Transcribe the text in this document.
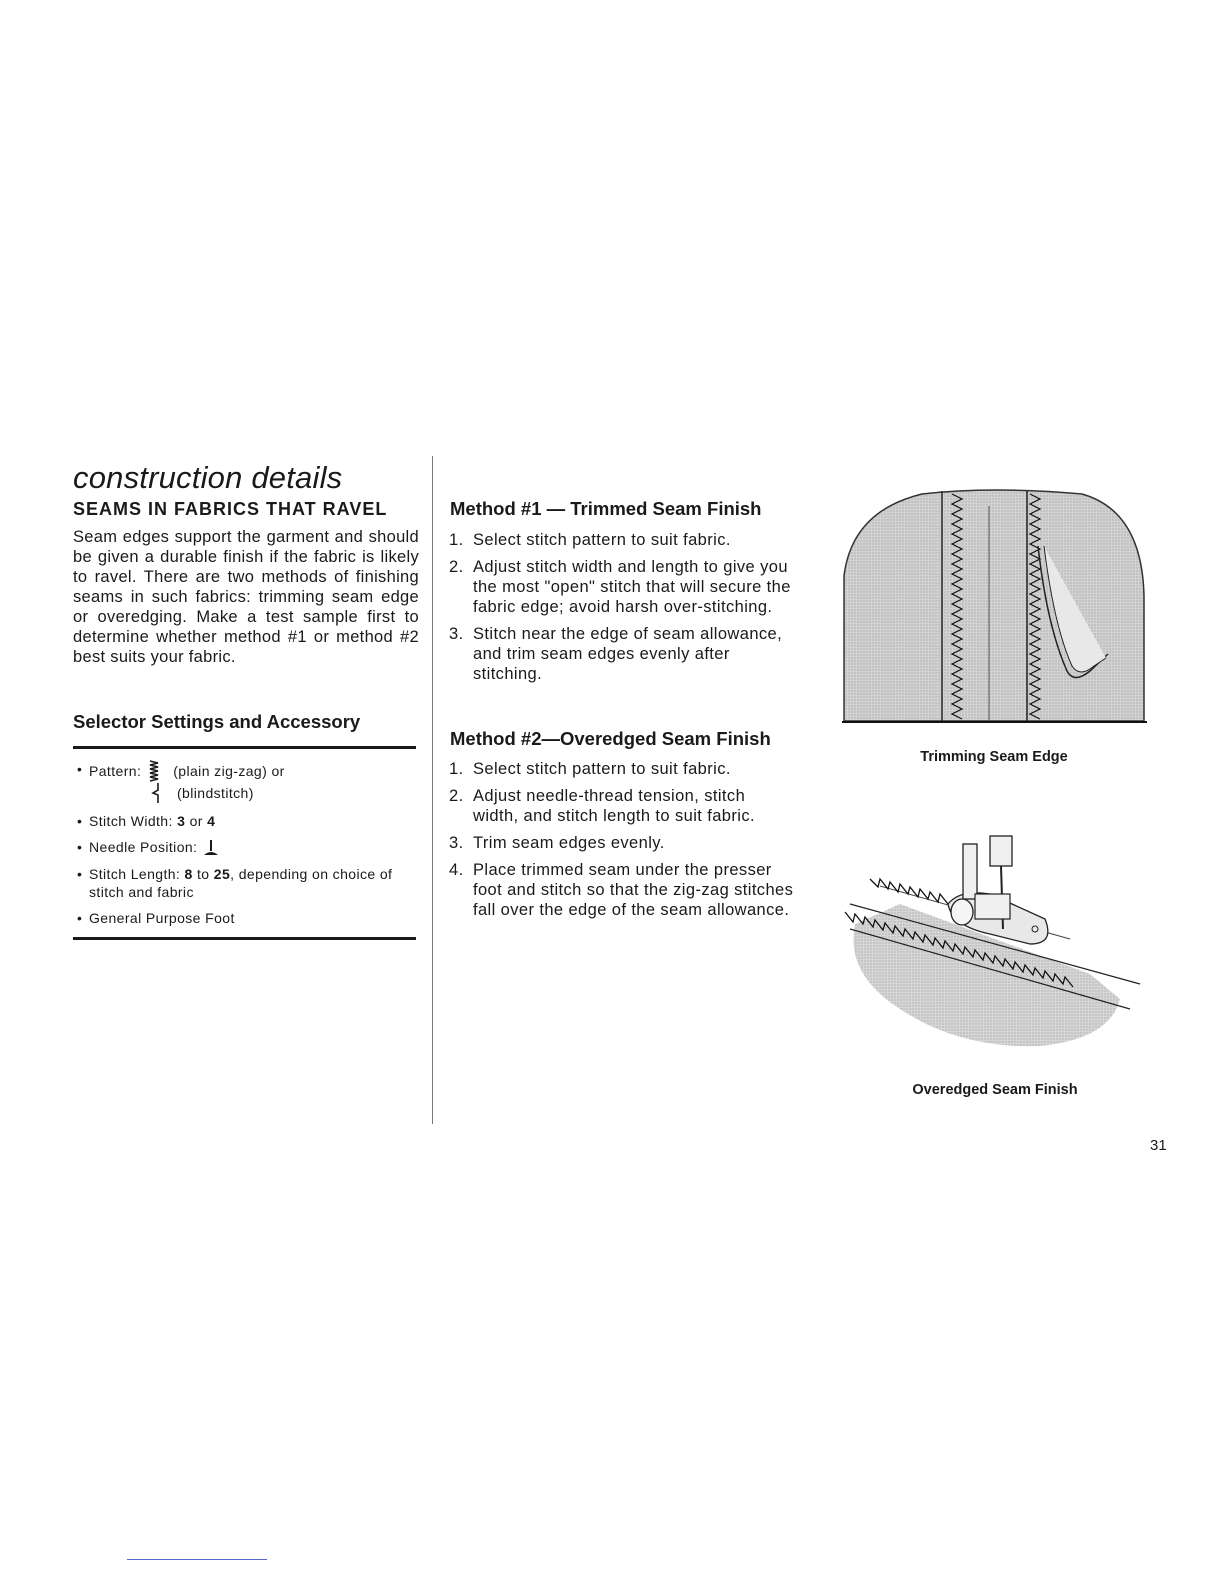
construction details
SEAMS IN FABRICS THAT RAVEL

Seam edges support the garment and should be given a durable finish if the fabric is likely to ravel. There are two methods of finishing seams in such fabrics: trimming seam edge or overedging. Make a test sample first to determine whether method #1 or method #2 best suits your fabric.

Selector Settings and Accessory
• Pattern: (plain zig-zag) or
(blindstitch)
• Stitch Width: 3 or 4
• Needle Position:
• Stitch Length: 8 to 25, depending on choice of stitch and fabric
• General Purpose Foot
Method #1 — Trimmed Seam Finish
1. Select stitch pattern to suit fabric.
2. Adjust stitch width and length to give you the most "open" stitch that will secure the fabric edge; avoid harsh over-stitching.
3. Stitch near the edge of seam allowance, and trim seam edges evenly after stitching.
Method #2—Overedged Seam Finish
1. Select stitch pattern to suit fabric.
2. Adjust needle-thread tension, stitch width, and stitch length to suit fabric.
3. Trim seam edges evenly.
4. Place trimmed seam under the presser foot and stitch so that the zig-zag stitches fall over the edge of the seam allowance.

Trimming Seam Edge

Overedged Seam Finish

31
